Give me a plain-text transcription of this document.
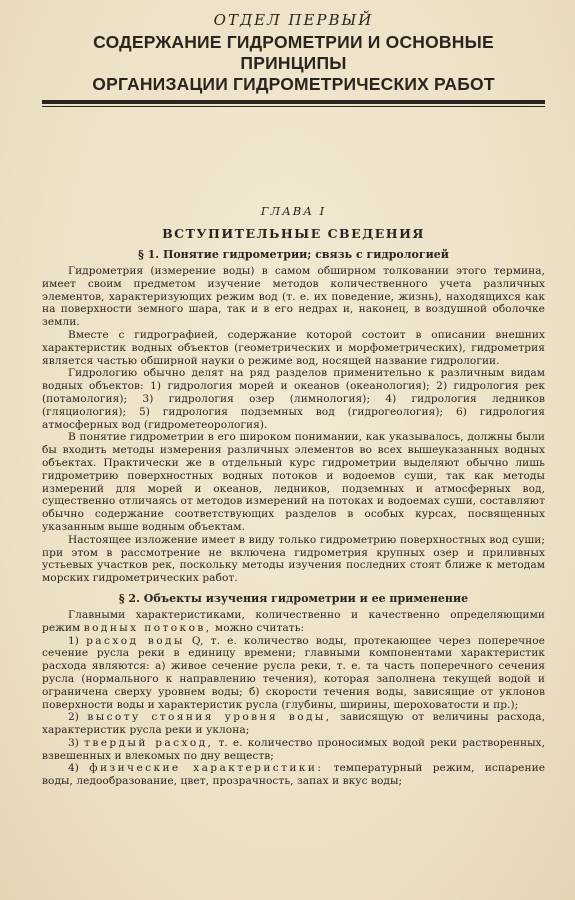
ОТДЕЛ ПЕРВЫЙ

СОДЕРЖАНИЕ ГИДРОМЕТРИИ И ОСНОВНЫЕ ПРИНЦИПЫ
ОРГАНИЗАЦИИ ГИДРОМЕТРИЧЕСКИХ РАБОТ

ГЛАВА I

ВСТУПИТЕЛЬНЫЕ СВЕДЕНИЯ

§ 1. Понятие гидрометрии; связь с гидрологией

Гидрометрия (измерение воды) в самом обширном толковании этого термина, имеет своим предметом изучение методов количественного учета различных элементов, характеризующих режим вод (т. е. их поведение, жизнь), находящихся как на поверхности земного шара, так и в его недрах и, наконец, в воздушной оболочке земли.

Вместе с гидрографией, содержание которой состоит в описании внешних характеристик водных объектов (геометрических и морфометрических), гидрометрия является частью обширной науки о режиме вод, носящей название гидрологии.

Гидрологию обычно делят на ряд разделов применительно к различным видам водных объектов: 1) гидрология морей и океанов (океанология); 2) гидрология рек (потамология); 3) гидрология озер (лимнология); 4) гидрология ледников (гляциология); 5) гидрология подземных вод (гидрогеология); 6) гидрология атмосферных вод (гидрометеорология).

В понятие гидрометрии в его широком понимании, как указывалось, должны были бы входить методы измерения различных элементов во всех вышеуказанных водных объектах. Практически же в отдельный курс гидрометрии выделяют обычно лишь гидрометрию поверхностных водных потоков и водоемов суши, так как методы измерений для морей и океанов, ледников, подземных и атмосферных вод, существенно отличаясь от методов измерений на потоках и водоемах суши, составляют обычно содержание соответствующих разделов в особых курсах, посвященных указанным выше водным объектам.

Настоящее изложение имеет в виду только гидрометрию поверхностных вод суши; при этом в рассмотрение не включена гидрометрия крупных озер и приливных устьевых участков рек, поскольку методы изучения последних стоят ближе к методам морских гидрометрических работ.

§ 2. Объекты изучения гидрометрии и ее применение

Главными характеристиками, количественно и качественно определяющими режим водных потоков, можно считать:

1) расход воды Q, т. е. количество воды, протекающее через поперечное сечение русла реки в единицу времени; главными компонентами характеристик расхода являются: а) живое сечение русла реки, т. е. та часть поперечного сечения русла (нормального к направлению течения), которая заполнена текущей водой и ограничена сверху уровнем воды; б) скорости течения воды, зависящие от уклонов поверхности воды и характеристик русла (глубины, ширины, шероховатости и пр.);

2) высоту стояния уровня воды, зависящую от величины расхода, характеристик русла реки и уклона;

3) твердый расход, т. е. количество проносимых водой реки растворенных, взвешенных и влекомых по дну веществ;

4) физические характеристики: температурный режим, испарение воды, ледообразование, цвет, прозрачность, запах и вкус воды;
